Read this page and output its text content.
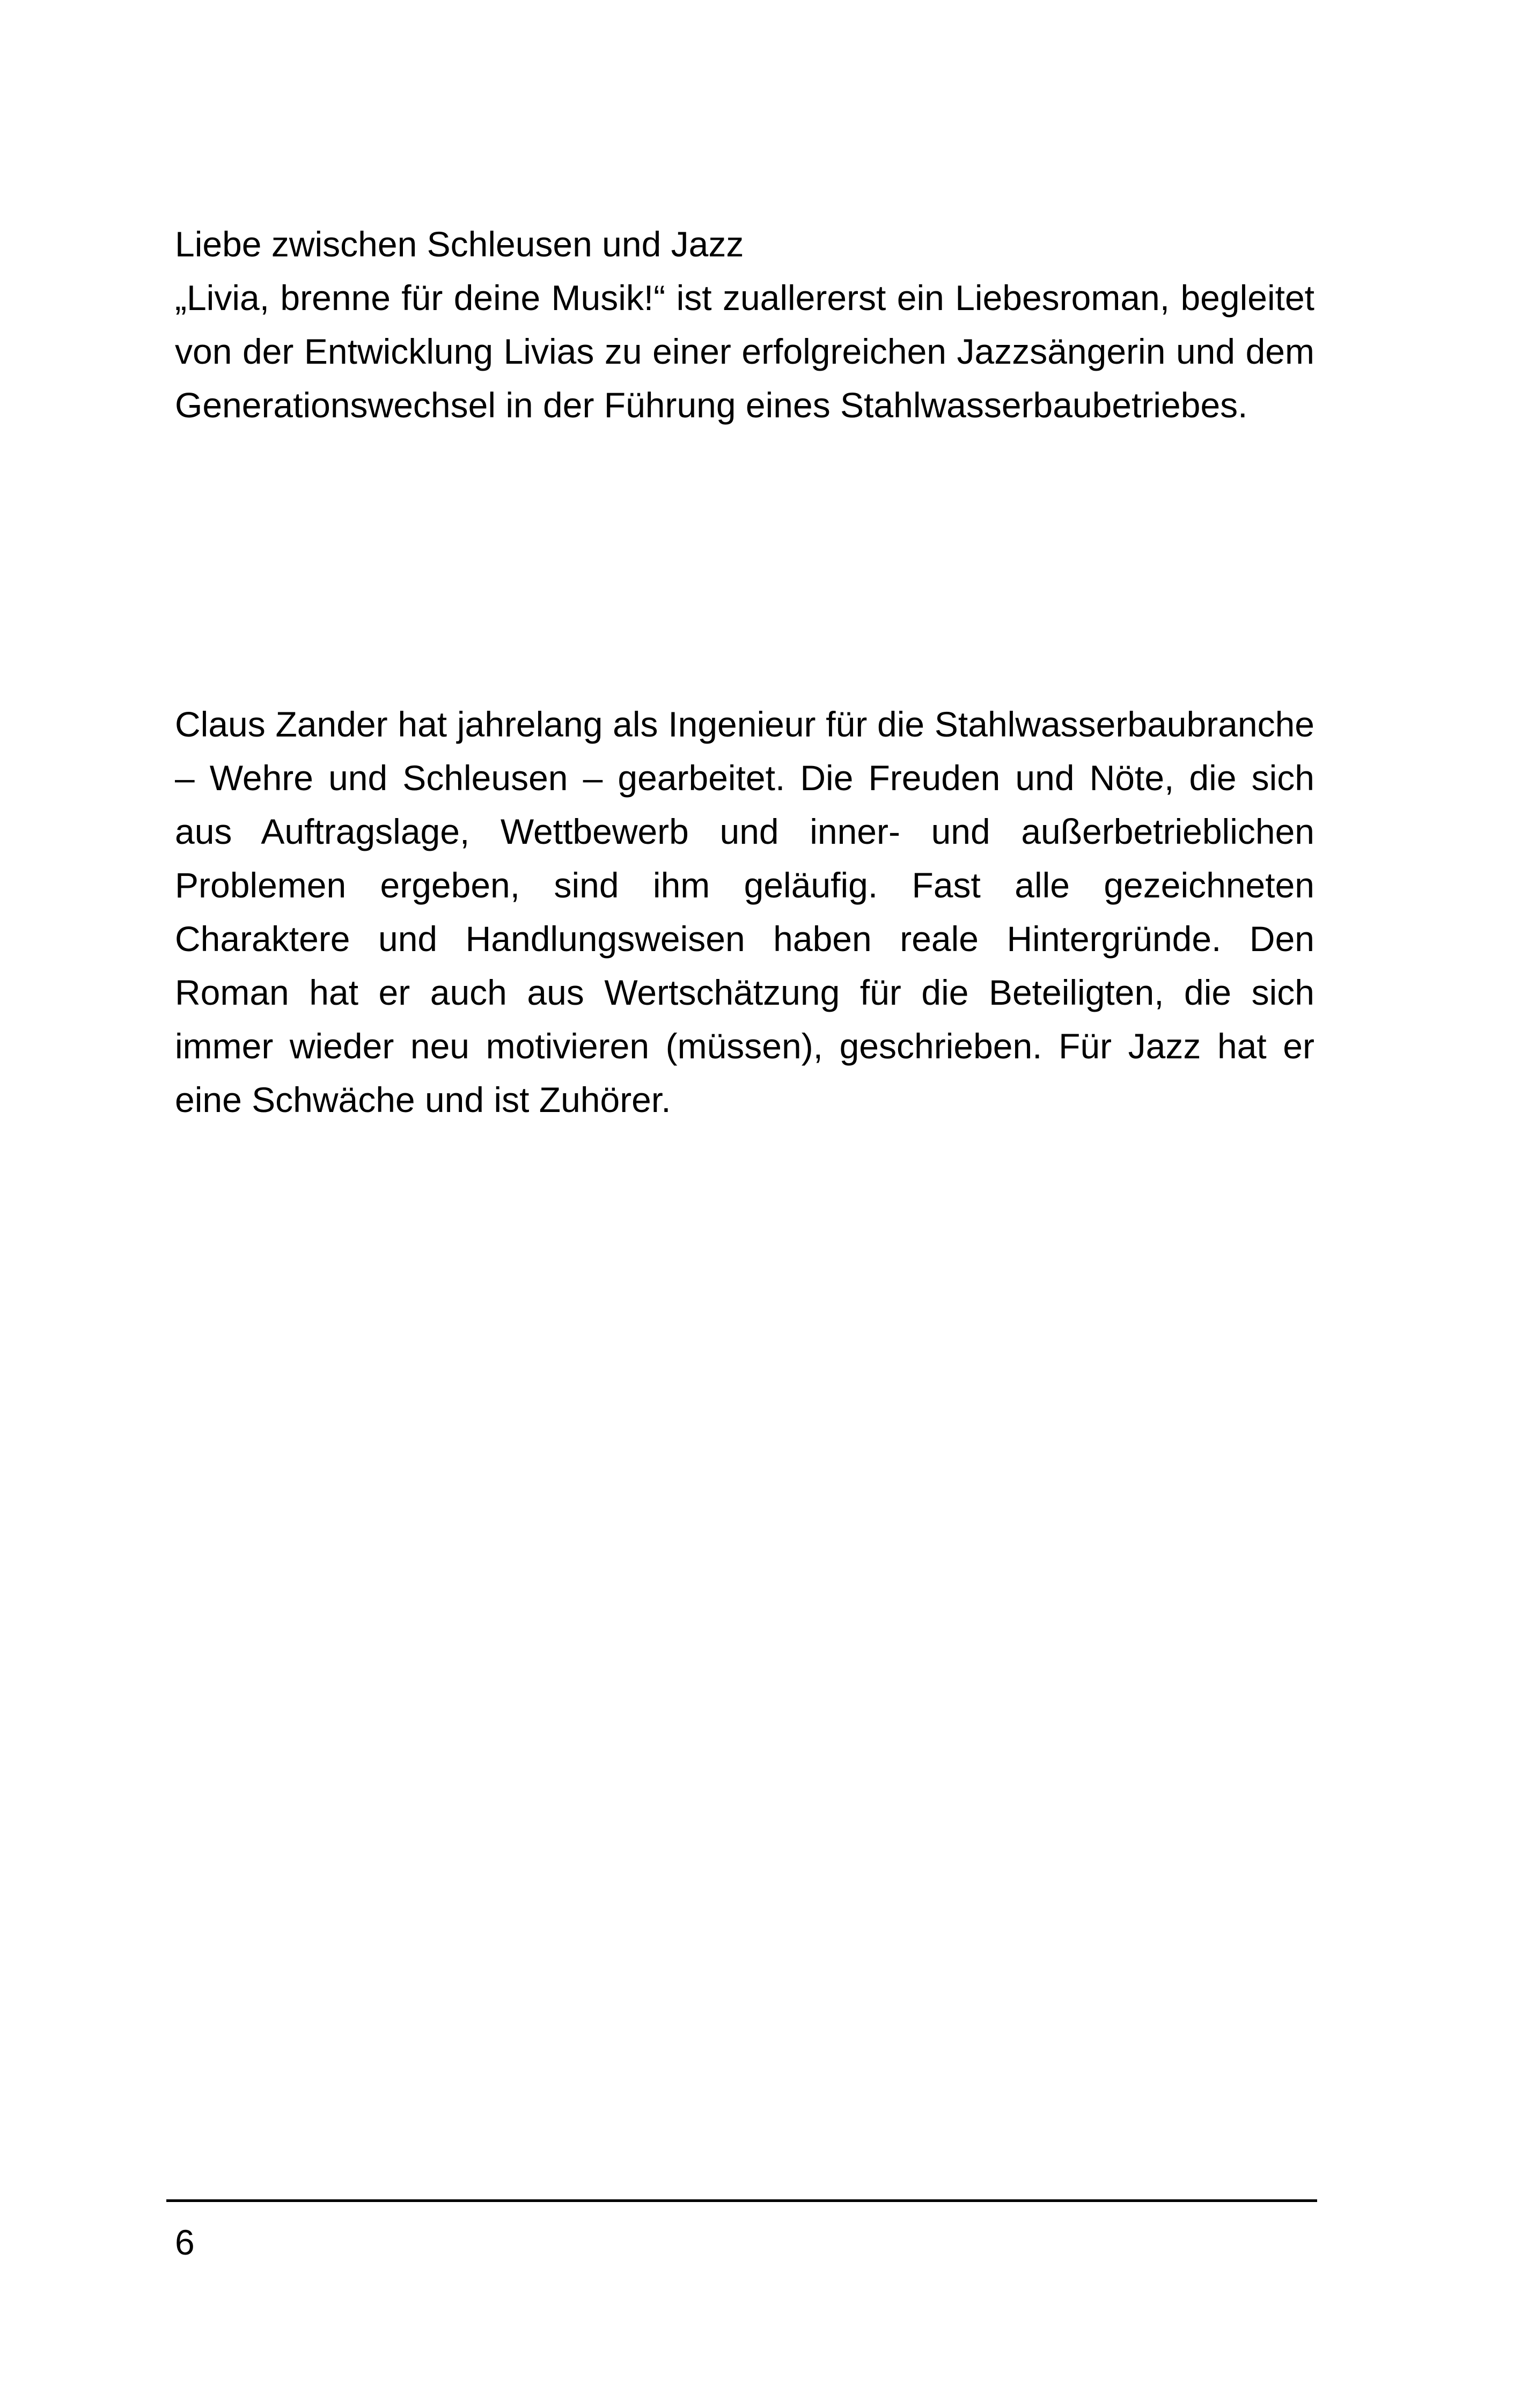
Liebe zwischen Schleusen und Jazz

„Livia, brenne für deine Musik!“ ist zuallererst ein Liebesroman, begleitet von der Entwicklung Livias zu einer erfolgreichen Jazzsängerin und dem Generationswechsel in der Führung eines Stahlwasserbaubetriebes.

Claus Zander hat jahrelang als Ingenieur für die Stahlwasserbaubranche – Wehre und Schleusen – gearbeitet. Die Freuden und Nöte, die sich aus Auftragslage, Wettbewerb und inner- und außerbetrieblichen Problemen ergeben, sind ihm geläufig. Fast alle gezeichneten Charaktere und Handlungsweisen haben reale Hintergründe. Den Roman hat er auch aus Wertschätzung für die Beteiligten, die sich immer wieder neu motivieren (müssen), geschrieben. Für Jazz hat er eine Schwäche und ist Zuhörer.

6
